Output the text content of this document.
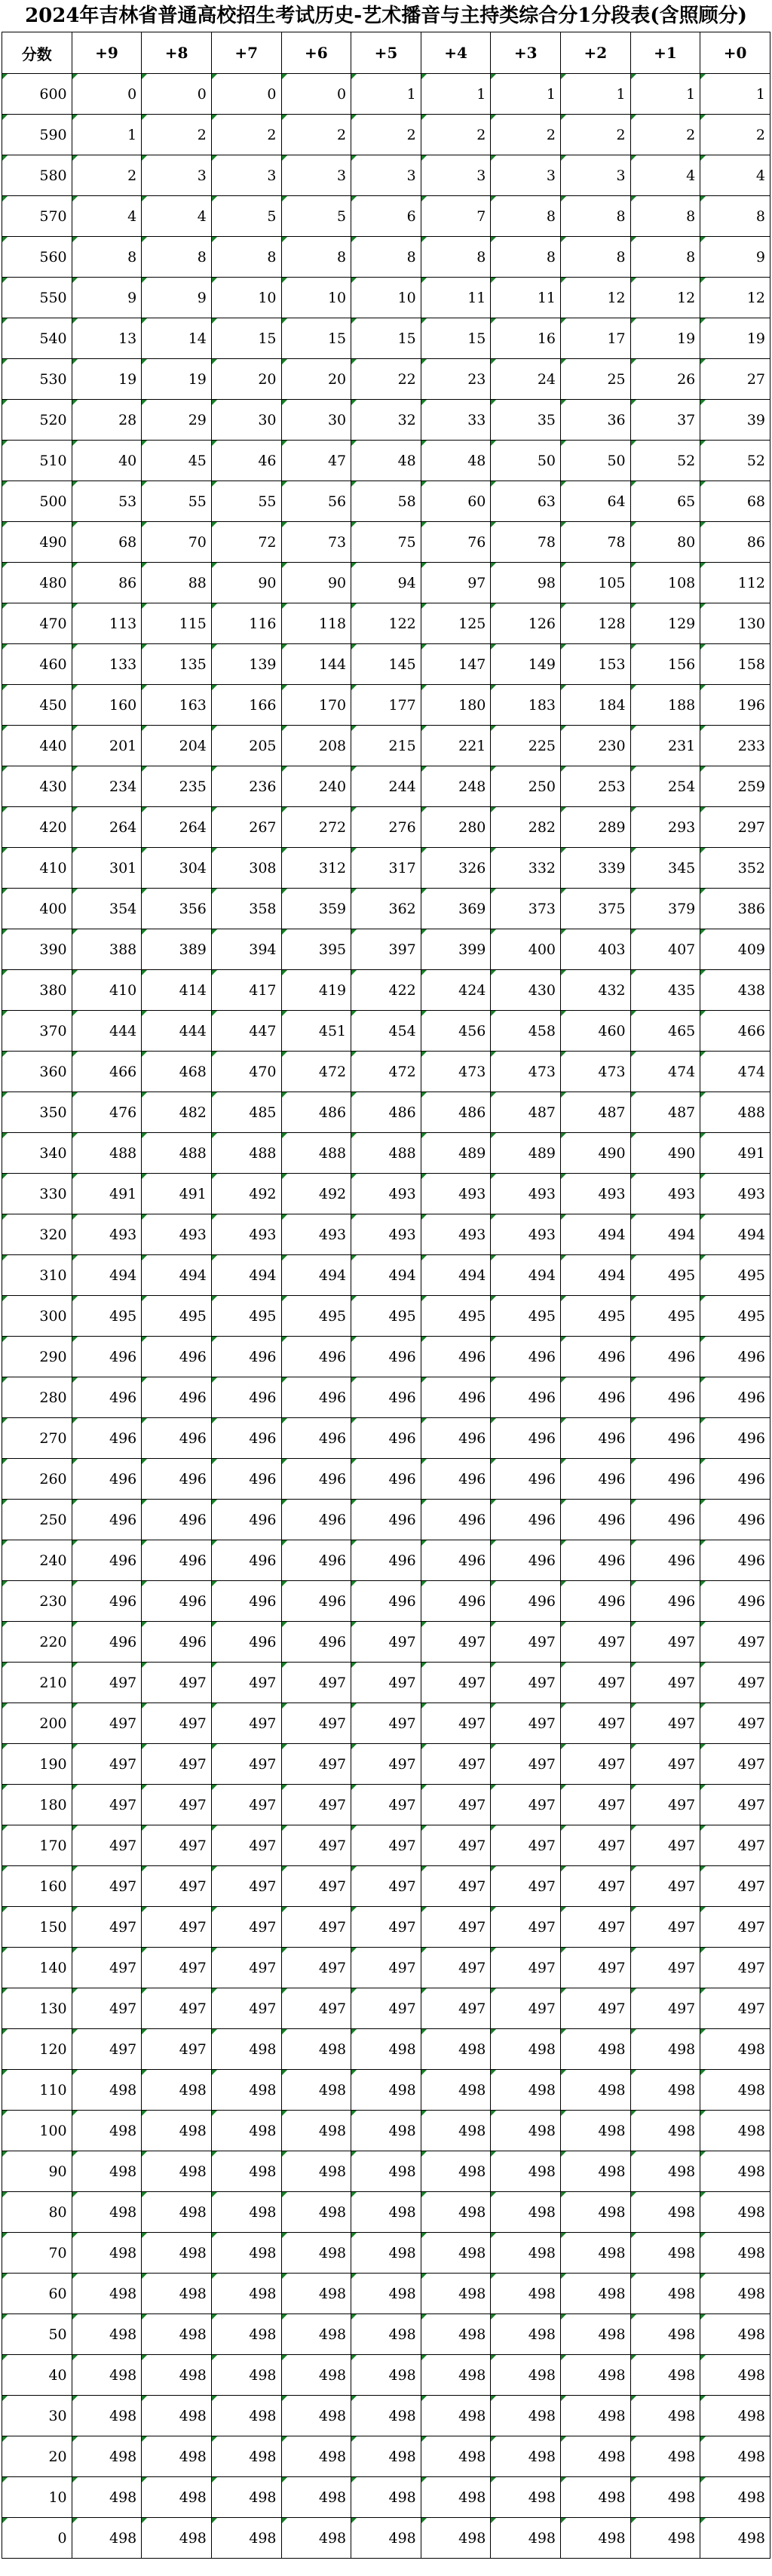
2024年吉林省普通高校招生考试历史-艺术播音与主持类综合分1分段表(含照顾分)
分数	+9	+8	+7	+6	+5	+4	+3	+2	+1	+0
600	0	0	0	0	1	1	1	1	1	1
590	1	2	2	2	2	2	2	2	2	2
580	2	3	3	3	3	3	3	3	4	4
570	4	4	5	5	6	7	8	8	8	8
560	8	8	8	8	8	8	8	8	8	9
550	9	9	10	10	10	11	11	12	12	12
540	13	14	15	15	15	15	16	17	19	19
530	19	19	20	20	22	23	24	25	26	27
520	28	29	30	30	32	33	35	36	37	39
510	40	45	46	47	48	48	50	50	52	52
500	53	55	55	56	58	60	63	64	65	68
490	68	70	72	73	75	76	78	78	80	86
480	86	88	90	90	94	97	98	105	108	112
470	113	115	116	118	122	125	126	128	129	130
460	133	135	139	144	145	147	149	153	156	158
450	160	163	166	170	177	180	183	184	188	196
440	201	204	205	208	215	221	225	230	231	233
430	234	235	236	240	244	248	250	253	254	259
420	264	264	267	272	276	280	282	289	293	297
410	301	304	308	312	317	326	332	339	345	352
400	354	356	358	359	362	369	373	375	379	386
390	388	389	394	395	397	399	400	403	407	409
380	410	414	417	419	422	424	430	432	435	438
370	444	444	447	451	454	456	458	460	465	466
360	466	468	470	472	472	473	473	473	474	474
350	476	482	485	486	486	486	487	487	487	488
340	488	488	488	488	488	489	489	490	490	491
330	491	491	492	492	493	493	493	493	493	493
320	493	493	493	493	493	493	493	494	494	494
310	494	494	494	494	494	494	494	494	495	495
300	495	495	495	495	495	495	495	495	495	495
290	496	496	496	496	496	496	496	496	496	496
280	496	496	496	496	496	496	496	496	496	496
270	496	496	496	496	496	496	496	496	496	496
260	496	496	496	496	496	496	496	496	496	496
250	496	496	496	496	496	496	496	496	496	496
240	496	496	496	496	496	496	496	496	496	496
230	496	496	496	496	496	496	496	496	496	496
220	496	496	496	496	497	497	497	497	497	497
210	497	497	497	497	497	497	497	497	497	497
200	497	497	497	497	497	497	497	497	497	497
190	497	497	497	497	497	497	497	497	497	497
180	497	497	497	497	497	497	497	497	497	497
170	497	497	497	497	497	497	497	497	497	497
160	497	497	497	497	497	497	497	497	497	497
150	497	497	497	497	497	497	497	497	497	497
140	497	497	497	497	497	497	497	497	497	497
130	497	497	497	497	497	497	497	497	497	497
120	497	497	498	498	498	498	498	498	498	498
110	498	498	498	498	498	498	498	498	498	498
100	498	498	498	498	498	498	498	498	498	498
90	498	498	498	498	498	498	498	498	498	498
80	498	498	498	498	498	498	498	498	498	498
70	498	498	498	498	498	498	498	498	498	498
60	498	498	498	498	498	498	498	498	498	498
50	498	498	498	498	498	498	498	498	498	498
40	498	498	498	498	498	498	498	498	498	498
30	498	498	498	498	498	498	498	498	498	498
20	498	498	498	498	498	498	498	498	498	498
10	498	498	498	498	498	498	498	498	498	498
0	498	498	498	498	498	498	498	498	498	498
